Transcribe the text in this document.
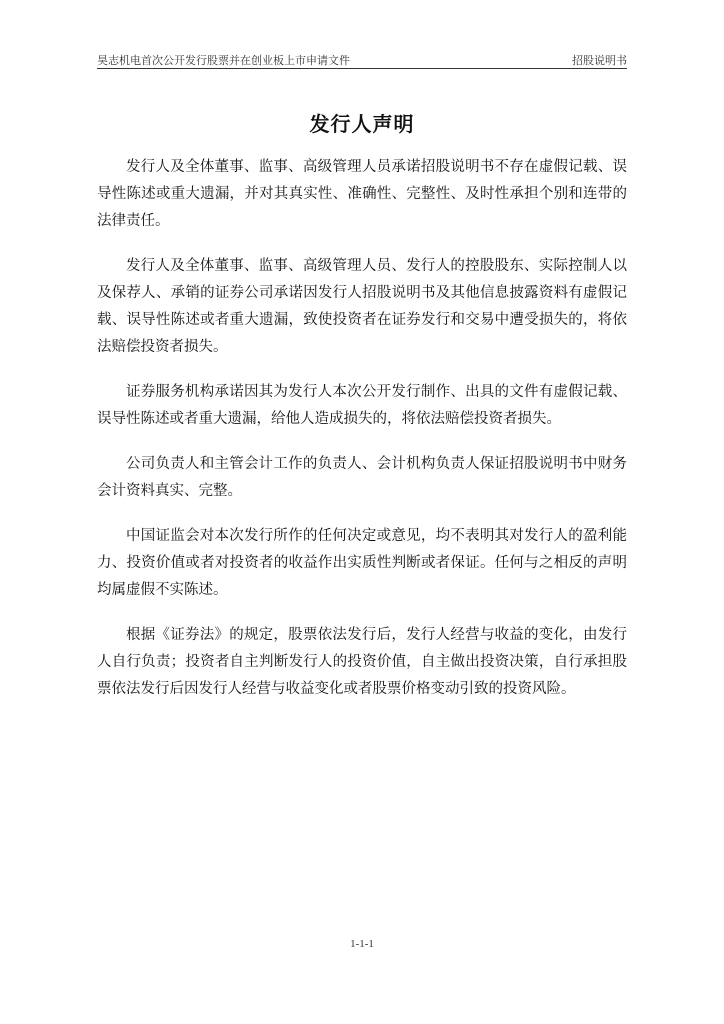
昊志机电首次公开发行股票并在创业板上市申请文件	招股说明书
发行人声明

发行人及全体董事、监事、高级管理人员承诺招股说明书不存在虚假记载、误导性陈述或重大遗漏，并对其真实性、准确性、完整性、及时性承担个别和连带的法律责任。

发行人及全体董事、监事、高级管理人员、发行人的控股股东、实际控制人以及保荐人、承销的证券公司承诺因发行人招股说明书及其他信息披露资料有虚假记载、误导性陈述或者重大遗漏，致使投资者在证券发行和交易中遭受损失的，将依法赔偿投资者损失。

证券服务机构承诺因其为发行人本次公开发行制作、出具的文件有虚假记载、误导性陈述或者重大遗漏，给他人造成损失的，将依法赔偿投资者损失。

公司负责人和主管会计工作的负责人、会计机构负责人保证招股说明书中财务会计资料真实、完整。

中国证监会对本次发行所作的任何决定或意见，均不表明其对发行人的盈利能力、投资价值或者对投资者的收益作出实质性判断或者保证。任何与之相反的声明均属虚假不实陈述。

根据《证券法》的规定，股票依法发行后，发行人经营与收益的变化，由发行人自行负责；投资者自主判断发行人的投资价值，自主做出投资决策，自行承担股票依法发行后因发行人经营与收益变化或者股票价格变动引致的投资风险。

1-1-1
